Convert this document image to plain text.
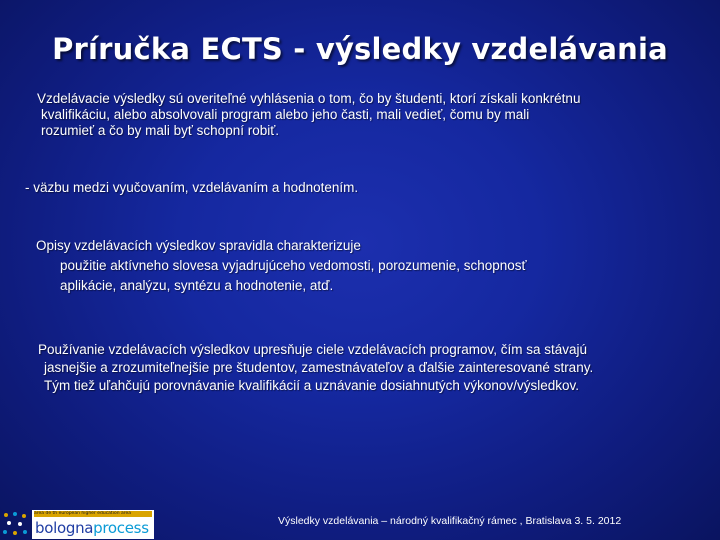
Príručka ECTS - výsledky vzdelávania
Vzdelávacie výsledky sú overiteľné vyhlásenia o tom, čo by študenti, ktorí získali konkrétnu
kvalifikáciu, alebo absolvovali program alebo jeho časti, mali vedieť, čomu by mali
rozumieť a čo by mali byť schopní robiť.
- väzbu medzi vyučovaním, vzdelávaním a hodnotením.
Opisy vzdelávacích výsledkov spravidla charakterizuje
použitie aktívneho slovesa vyjadrujúceho vedomosti, porozumenie, schopnosť
aplikácie, analýzu, syntézu a hodnotenie, atď.
Používanie vzdelávacích výsledkov upresňuje ciele vzdelávacích programov, čím sa stávajú
jasnejšie a zrozumiteľnejšie pre študentov, zamestnávateľov a ďalšie zainteresované strany.
Tým tiež uľahčujú porovnávanie kvalifikácií a uznávanie dosiahnutých výkonov/výsledkov.
area de th european higher education area
bolognaprocess	Výsledky vzdelávania – národný kvalifikačný rámec , Bratislava 3. 5. 2012
